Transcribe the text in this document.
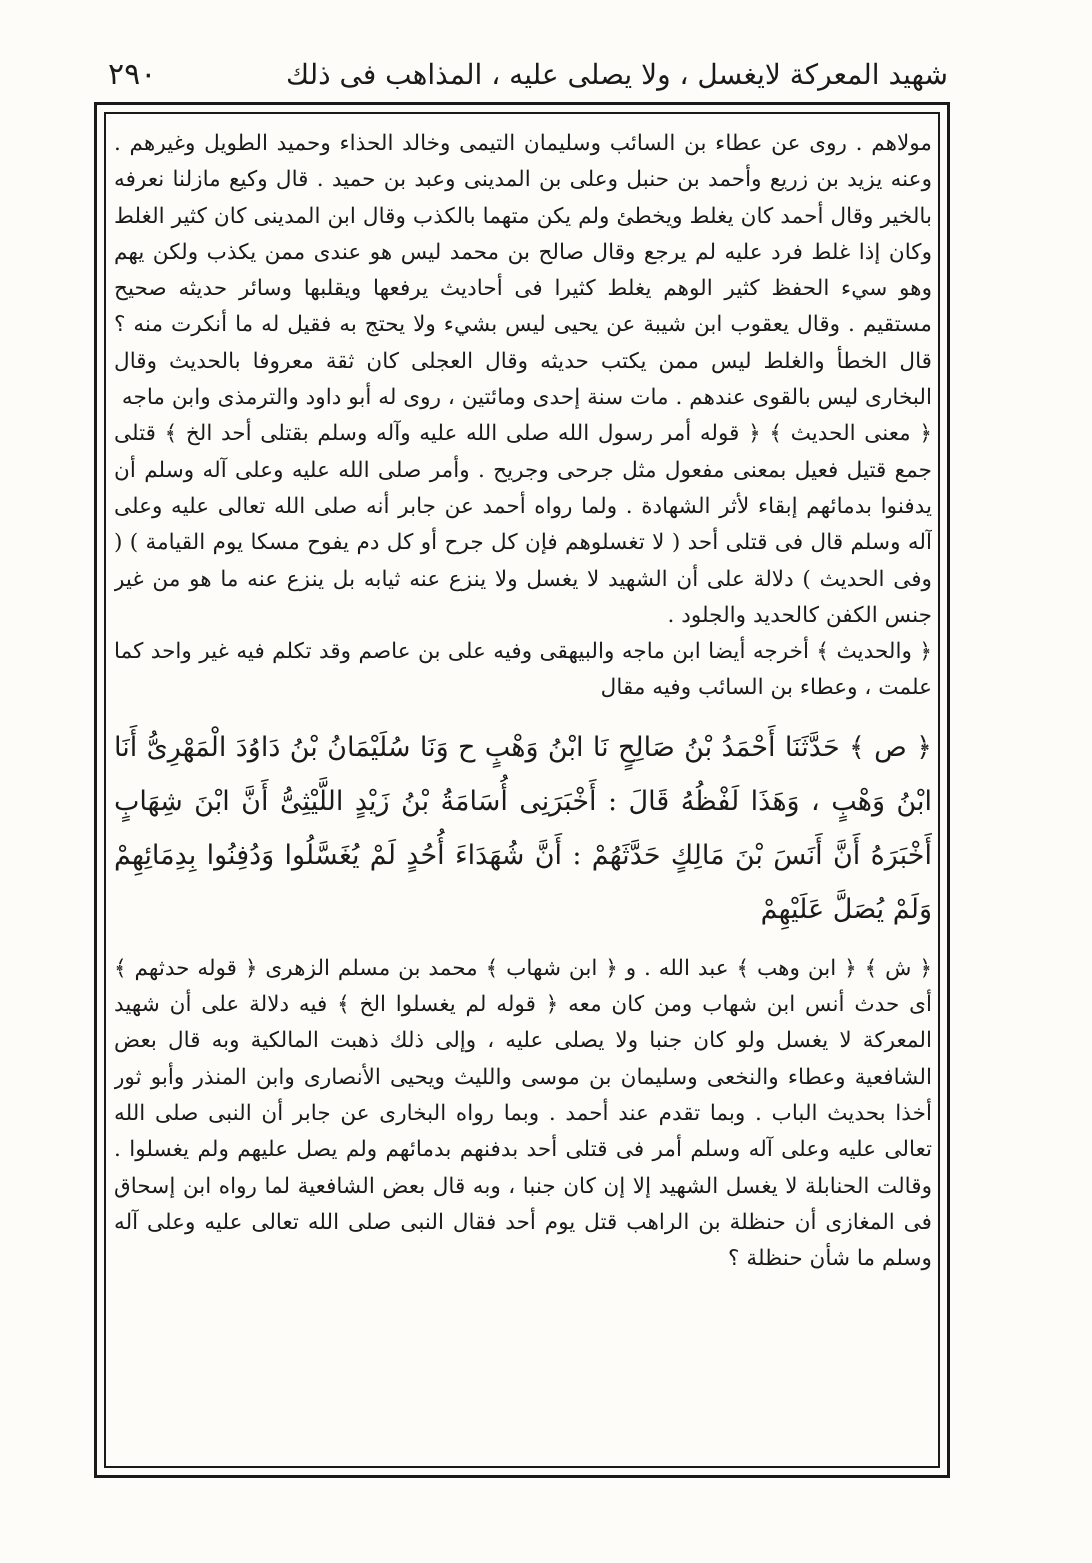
شهيد المعركة لايغسل ، ولا يصلى عليه ، المذاهب فى ذلك
٢٩٠

مولاهم . روى عن عطاء بن السائب وسليمان التيمى وخالد الحذاء وحميد الطويل وغيرهم . وعنه يزيد بن زريع وأحمد بن حنبل وعلى بن المدينى وعبد بن حميد . قال وكيع مازلنا نعرفه بالخير وقال أحمد كان يغلط ويخطئ ولم يكن متهما بالكذب وقال ابن المدينى كان كثير الغلط وكان إذا غلط فرد عليه لم يرجع وقال صالح بن محمد ليس هو عندى ممن يكذب ولكن يهم وهو سيء الحفظ كثير الوهم يغلط كثيرا فى أحاديث يرفعها ويقلبها وسائر حديثه صحيح مستقيم . وقال يعقوب ابن شيبة عن يحيى ليس بشيء ولا يحتج به فقيل له ما أنكرت منه ؟ قال الخطأ والغلط ليس ممن يكتب حديثه وقال العجلى كان ثقة معروفا بالحديث وقال البخارى ليس بالقوى عندهم . مات سنة إحدى ومائتين ، روى له أبو داود والترمذى وابن ماجه

﴿ معنى الحديث ﴾ ﴿ قوله أمر رسول الله صلى الله عليه وآله وسلم بقتلى أحد الخ ﴾ قتلى جمع قتيل فعيل بمعنى مفعول مثل جرحى وجريح . وأمر صلى الله عليه وعلى آله وسلم أن يدفنوا بدمائهم إبقاء لأثر الشهادة . ولما رواه أحمد عن جابر أنه صلى الله تعالى عليه وعلى آله وسلم قال فى قتلى أحد ( لا تغسلوهم فإن كل جرح أو كل دم يفوح مسكا يوم القيامة ) ( وفى الحديث ) دلالة على أن الشهيد لا يغسل ولا ينزع عنه ثيابه بل ينزع عنه ما هو من غير جنس الكفن كالحديد والجلود .

﴿ والحديث ﴾ أخرجه أيضا ابن ماجه والبيهقى وفيه على بن عاصم وقد تكلم فيه غير واحد كما علمت ، وعطاء بن السائب وفيه مقال

﴿ ص ﴾ حَدَّثَنَا أَحْمَدُ بْنُ صَالِحٍ نَا ابْنُ وَهْبٍ ح وَنَا سُلَيْمَانُ بْنُ دَاوُدَ الْمَهْرِىُّ أَنَا ابْنُ وَهْبٍ ، وَهَذَا لَفْظُهُ قَالَ : أَخْبَرَنِى أُسَامَةُ بْنُ زَيْدٍ اللَّيْثِىُّ أَنَّ ابْنَ شِهَابٍ أَخْبَرَهُ أَنَّ أَنَسَ بْنَ مَالِكٍ حَدَّثَهُمْ : أَنَّ شُهَدَاءَ أُحُدٍ لَمْ يُغَسَّلُوا وَدُفِنُوا بِدِمَائِهِمْ وَلَمْ يُصَلَّ عَلَيْهِمْ

﴿ ش ﴾ ﴿ ابن وهب ﴾ عبد الله . و ﴿ ابن شهاب ﴾ محمد بن مسلم الزهرى ﴿ قوله حدثهم ﴾ أى حدث أنس ابن شهاب ومن كان معه ﴿ قوله لم يغسلوا الخ ﴾ فيه دلالة على أن شهيد المعركة لا يغسل ولو كان جنبا ولا يصلى عليه ، وإلى ذلك ذهبت المالكية وبه قال بعض الشافعية وعطاء والنخعى وسليمان بن موسى والليث ويحيى الأنصارى وابن المنذر وأبو ثور أخذا بحديث الباب . وبما تقدم عند أحمد . وبما رواه البخارى عن جابر أن النبى صلى الله تعالى عليه وعلى آله وسلم أمر فى قتلى أحد بدفنهم بدمائهم ولم يصل عليهم ولم يغسلوا . وقالت الحنابلة لا يغسل الشهيد إلا إن كان جنبا ، وبه قال بعض الشافعية لما رواه ابن إسحاق فى المغازى أن حنظلة بن الراهب قتل يوم أحد فقال النبى صلى الله تعالى عليه وعلى آله وسلم ما شأن حنظلة ؟
